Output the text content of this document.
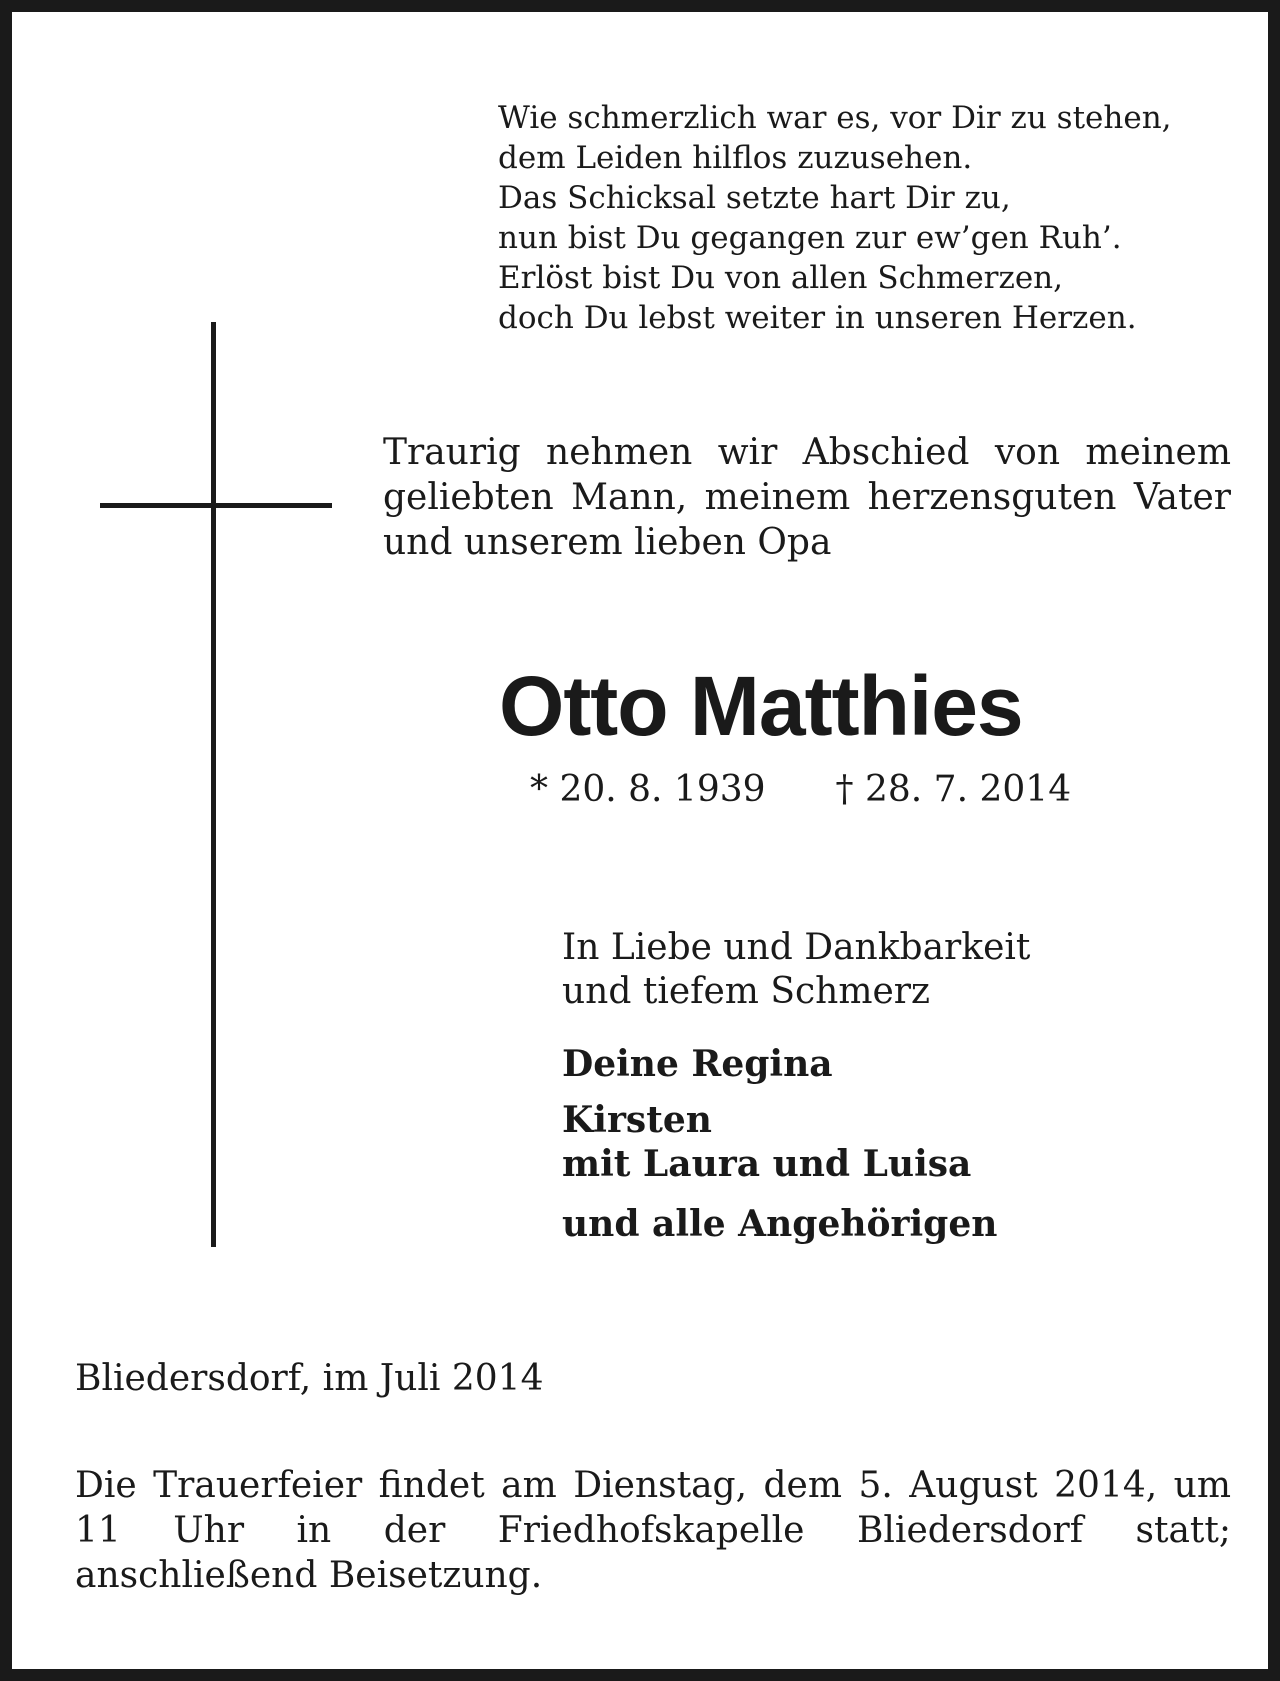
Wie schmerzlich war es, vor Dir zu stehen,
dem Leiden hilflos zuzusehen.
Das Schicksal setzte hart Dir zu,
nun bist Du gegangen zur ew’gen Ruh’.
Erlöst bist Du von allen Schmerzen,
doch Du lebst weiter in unseren Herzen.
Traurig nehmen wir Abschied von meinem geliebten Mann, meinem herzensguten Vater und unserem lieben Opa
Otto Matthies
* 20. 8. 1939 † 28. 7. 2014
In Liebe und Dankbarkeit
und tiefem Schmerz
Deine Regina
Kirsten
mit Laura und Luisa
und alle Angehörigen
Bliedersdorf, im Juli 2014
Die Trauerfeier findet am Dienstag, dem 5. August 2014, um 11 Uhr in der Friedhofskapelle Bliedersdorf statt; anschließend Beisetzung.
